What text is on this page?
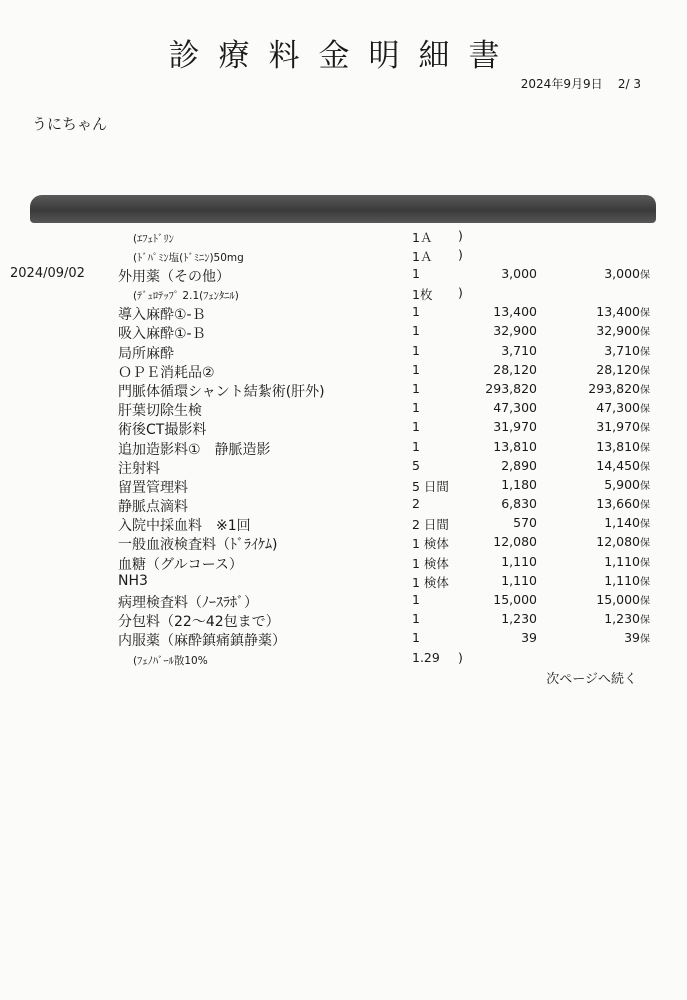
診療料金明細書
2024年9月9日 2/ 3
うにちゃん
(ｴﾌｪﾄﾞﾘﾝ	1Ａ )
(ﾄﾞﾊﾟﾐﾝ塩(ﾄﾞﾐﾆﾝ)50mg	1Ａ )
2024/09/02 外用薬（その他）	1	3,000	3,000保
(ﾃﾞｭﾛﾃｯﾌﾟ 2.1(ﾌｪﾝﾀﾆﾙ)	1枚 )
導入麻酔①-Ｂ	1	13,400	13,400保
吸入麻酔①-Ｂ	1	32,900	32,900保
局所麻酔	1	3,710	3,710保
ＯＰＥ消耗品②	1	28,120	28,120保
門脈体循環シャント結紮術(肝外)	1	293,820	293,820保
肝葉切除生検	1	47,300	47,300保
術後CT撮影料	1	31,970	31,970保
追加造影料①　静脈造影	1	13,810	13,810保
注射料	5	2,890	14,450保
留置管理料	5 日間	1,180	5,900保
静脈点滴料	2	6,830	13,660保
入院中採血料　※1回	2 日間	570	1,140保
一般血液検査料（ﾄﾞﾗｲｹﾑ)	1 検体	12,080	12,080保
血糖（グルコース）	1 検体	1,110	1,110保
NH3	1 検体	1,110	1,110保
病理検査料（ﾉｰｽﾗﾎﾞ）	1	15,000	15,000保
分包料（22～42包まで）	1	1,230	1,230保
内服薬（麻酔鎮痛鎮静薬）	1	39	39保
(ﾌｪﾉﾊﾞｰﾙ散10%	1.29 )
次ページへ続く
